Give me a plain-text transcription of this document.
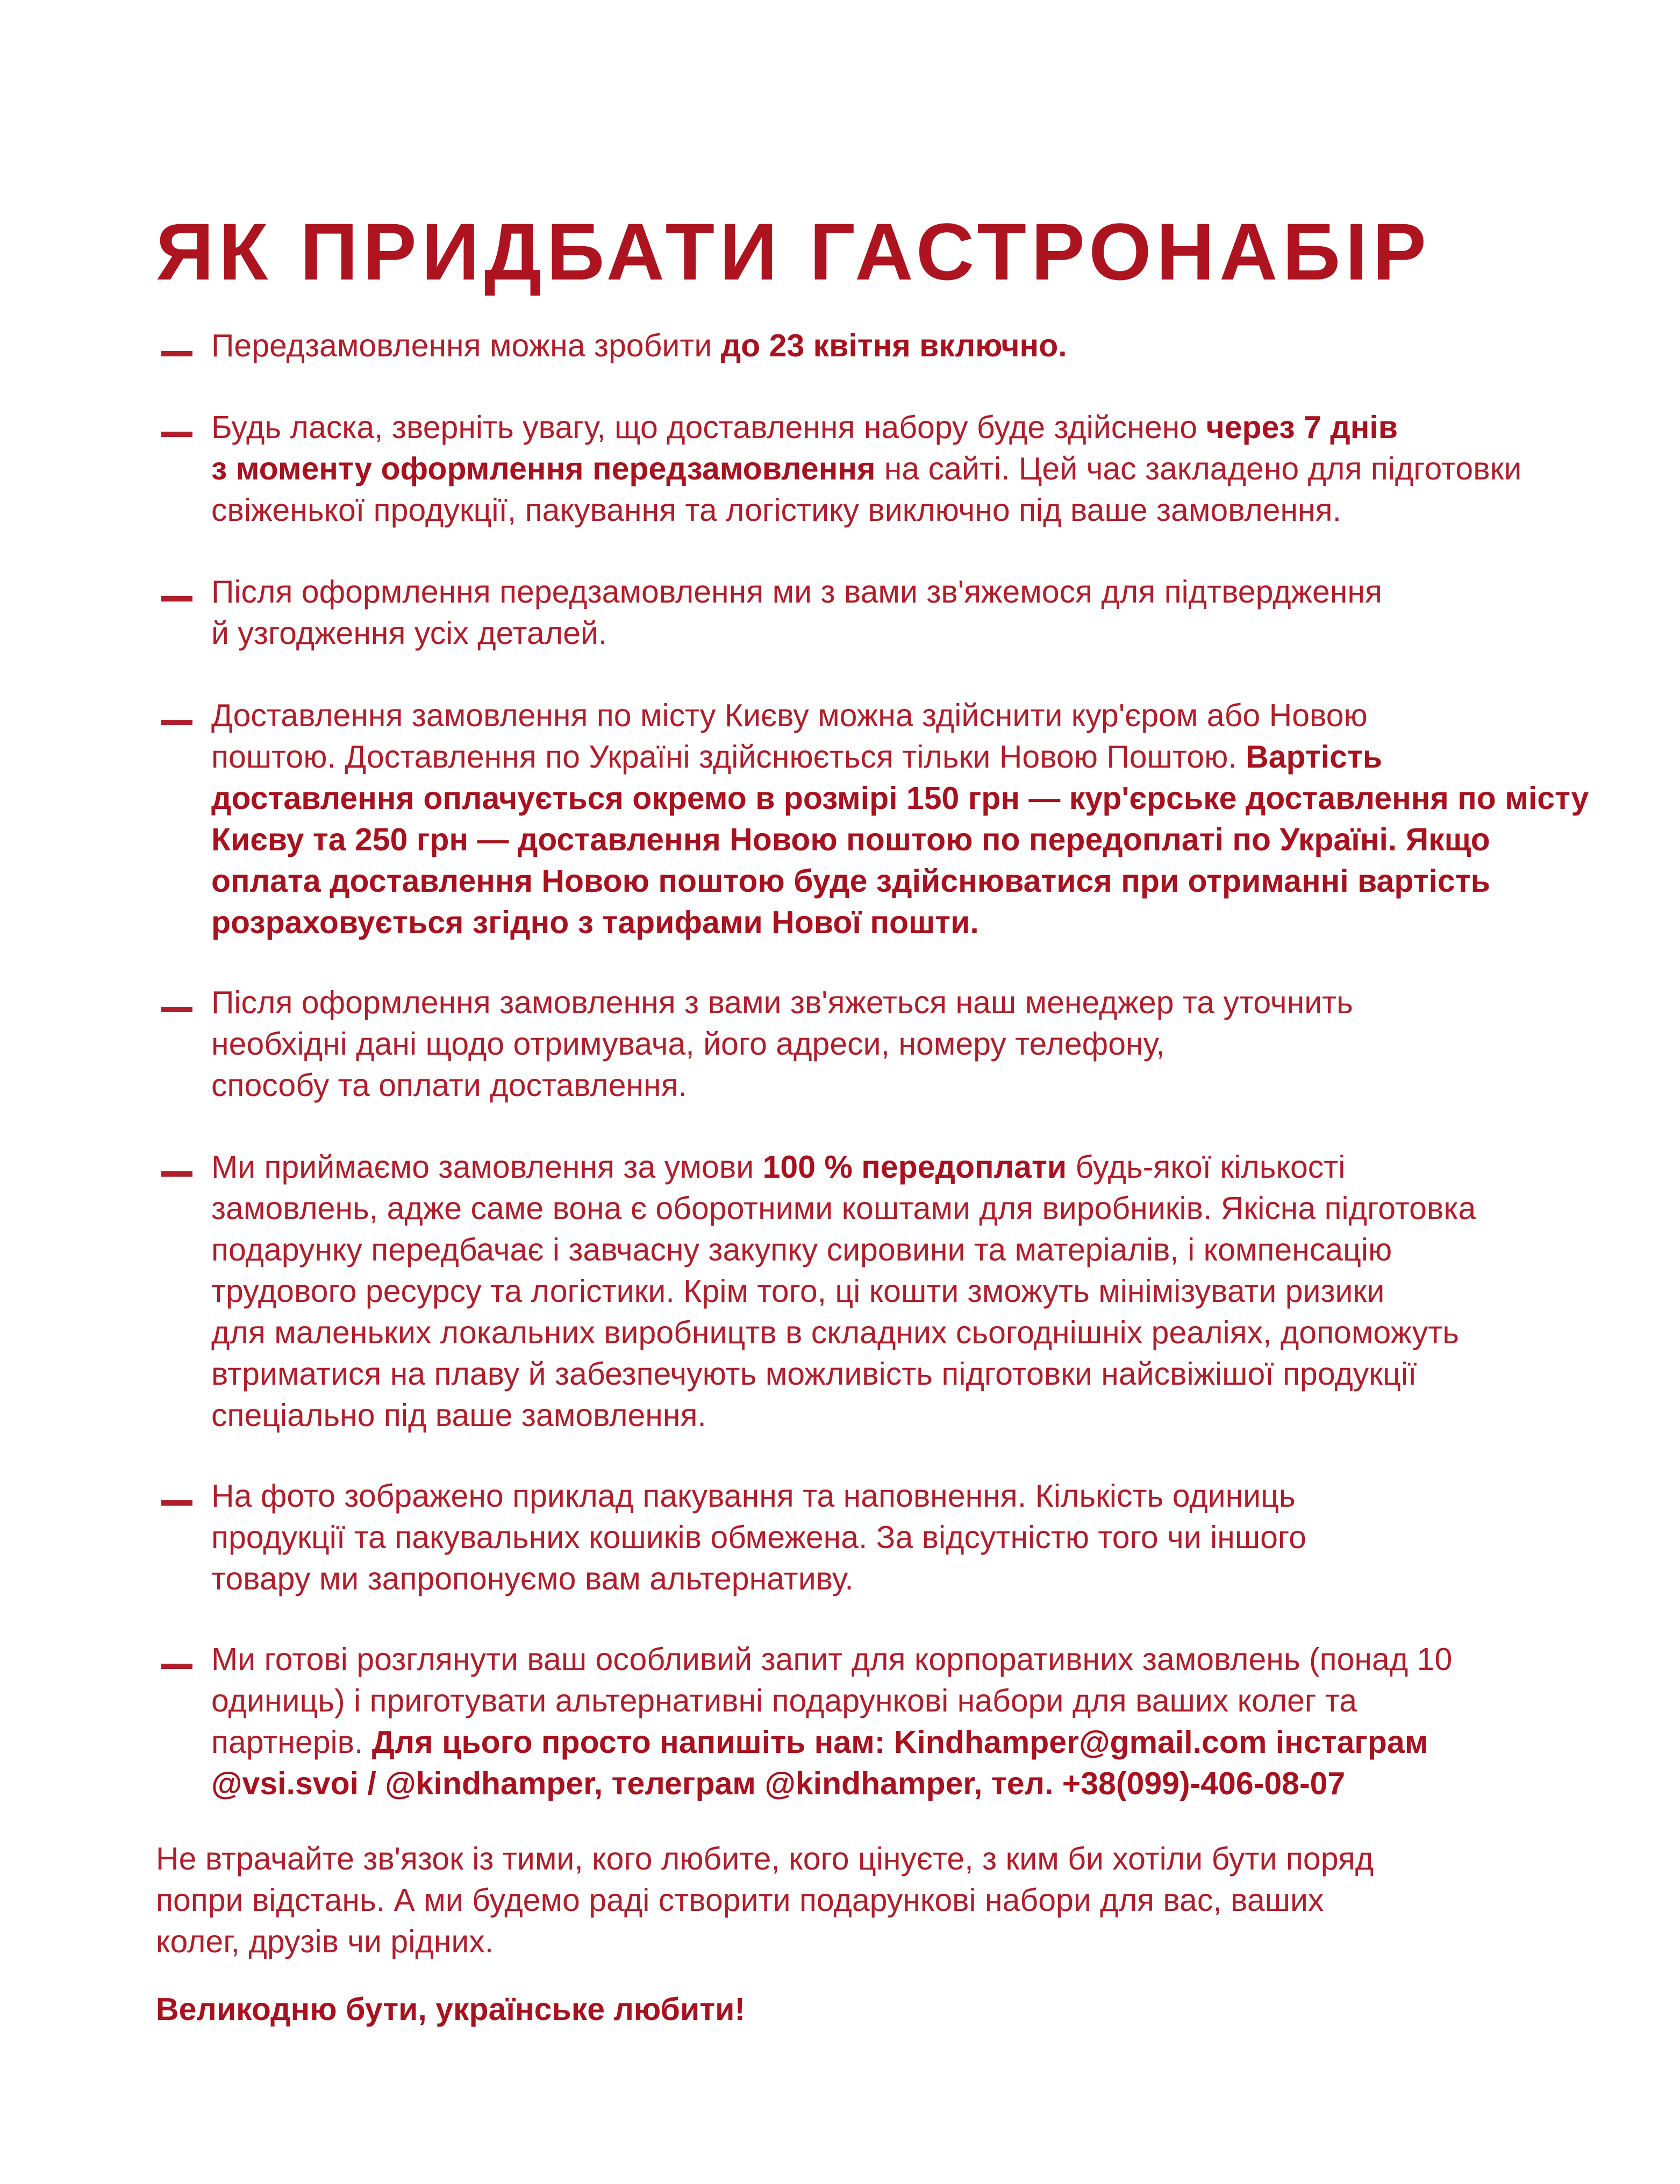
ЯК ПРИДБАТИ ГАСТРОНАБІР

Передзамовлення можна зробити до 23 квітня включно.

Будь ласка, зверніть увагу, що доставлення набору буде здійснено через 7 днів

з моменту оформлення передзамовлення на сайті. Цей час закладено для підготовки

свіженької продукції, пакування та логістику виключно під ваше замовлення.

Після оформлення передзамовлення ми з вами зв'яжемося для підтвердження

й узгодження усіх деталей.

Доставлення замовлення по місту Києву можна здійснити кур'єром або Новою

поштою. Доставлення по Україні здійснюється тільки Новою Поштою. Вартість

доставлення оплачується окремо в розмірі 150 грн — кур'єрське доставлення по місту

Києву та 250 грн — доставлення Новою поштою по передоплаті по Україні. Якщо

оплата доставлення Новою поштою буде здійснюватися при отриманні вартість

розраховується згідно з тарифами Нової пошти.

Після оформлення замовлення з вами зв'яжеться наш менеджер та уточнить

необхідні дані щодо отримувача, його адреси, номеру телефону,

способу та оплати доставлення.

Ми приймаємо замовлення за умови 100 % передоплати будь-якої кількості

замовлень, адже саме вона є оборотними коштами для виробників. Якісна підготовка

подарунку передбачає і завчасну закупку сировини та матеріалів, і компенсацію

трудового ресурсу та логістики. Крім того, ці кошти зможуть мінімізувати ризики

для маленьких локальних виробництв в складних сьогоднішніх реаліях, допоможуть

втриматися на плаву й забезпечують можливість підготовки найсвіжішої продукції

спеціально під ваше замовлення.

На фото зображено приклад пакування та наповнення. Кількість одиниць

продукції та пакувальних кошиків обмежена. За відсутністю того чи іншого

товару ми запропонуємо вам альтернативу.

Ми готові розглянути ваш особливий запит для корпоративних замовлень (понад 10

одиниць) і приготувати альтернативні подарункові набори для ваших колег та

партнерів. Для цього просто напишіть нам: Kindhamper@gmail.com інстаграм

@vsi.svoi / @kindhamper, телеграм @kindhamper, тел. +38(099)-406-08-07

Не втрачайте зв'язок із тими, кого любите, кого цінуєте, з ким би хотіли бути поряд

попри відстань. А ми будемо раді створити подарункові набори для вас, ваших

колег, друзів чи рідних.

Великодню бути, українське любити!
